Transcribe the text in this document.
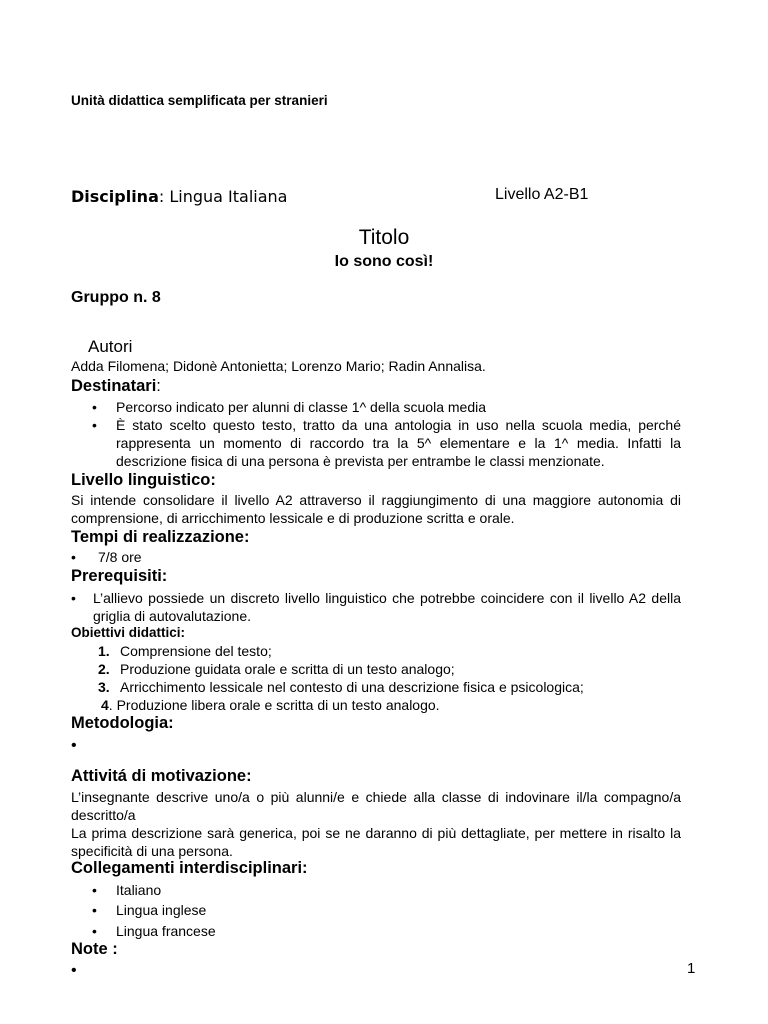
Unità didattica semplificata per stranieri
Disciplina: Lingua Italiana	Livello A2-B1
Titolo
Io sono così!
Gruppo n. 8
Autori
Adda Filomena; Didonè Antonietta; Lorenzo Mario; Radin Annalisa.
Destinatari:
• Percorso indicato per alunni di classe 1^ della scuola media
• È stato scelto questo testo, tratto da una antologia in uso nella scuola media, perché rappresenta un momento di raccordo tra la 5^ elementare e la 1^ media. Infatti la descrizione fisica di una persona è prevista per entrambe le classi menzionate.
Livello linguistico:
Si intende consolidare il livello A2 attraverso il raggiungimento di una maggiore autonomia di comprensione, di arricchimento lessicale e di produzione scritta e orale.
Tempi di realizzazione:
• 7/8 ore
Prerequisiti:
• L’allievo possiede un discreto livello linguistico che potrebbe coincidere con il livello A2 della griglia di autovalutazione.
Obiettivi didattici:
1. Comprensione del testo;
2. Produzione guidata orale e scritta di un testo analogo;
3. Arricchimento lessicale nel contesto di una descrizione fisica e psicologica;
4. Produzione libera orale e scritta di un testo analogo.
Metodologia:
•
Attivitá di motivazione:
L’insegnante descrive uno/a o più alunni/e e chiede alla classe di indovinare il/la compagno/a descritto/a
La prima descrizione sarà generica, poi se ne daranno di più dettagliate, per mettere in risalto la specificità di una persona.
Collegamenti interdisciplinari:
• Italiano
• Lingua inglese
• Lingua francese
Note :
•	1
